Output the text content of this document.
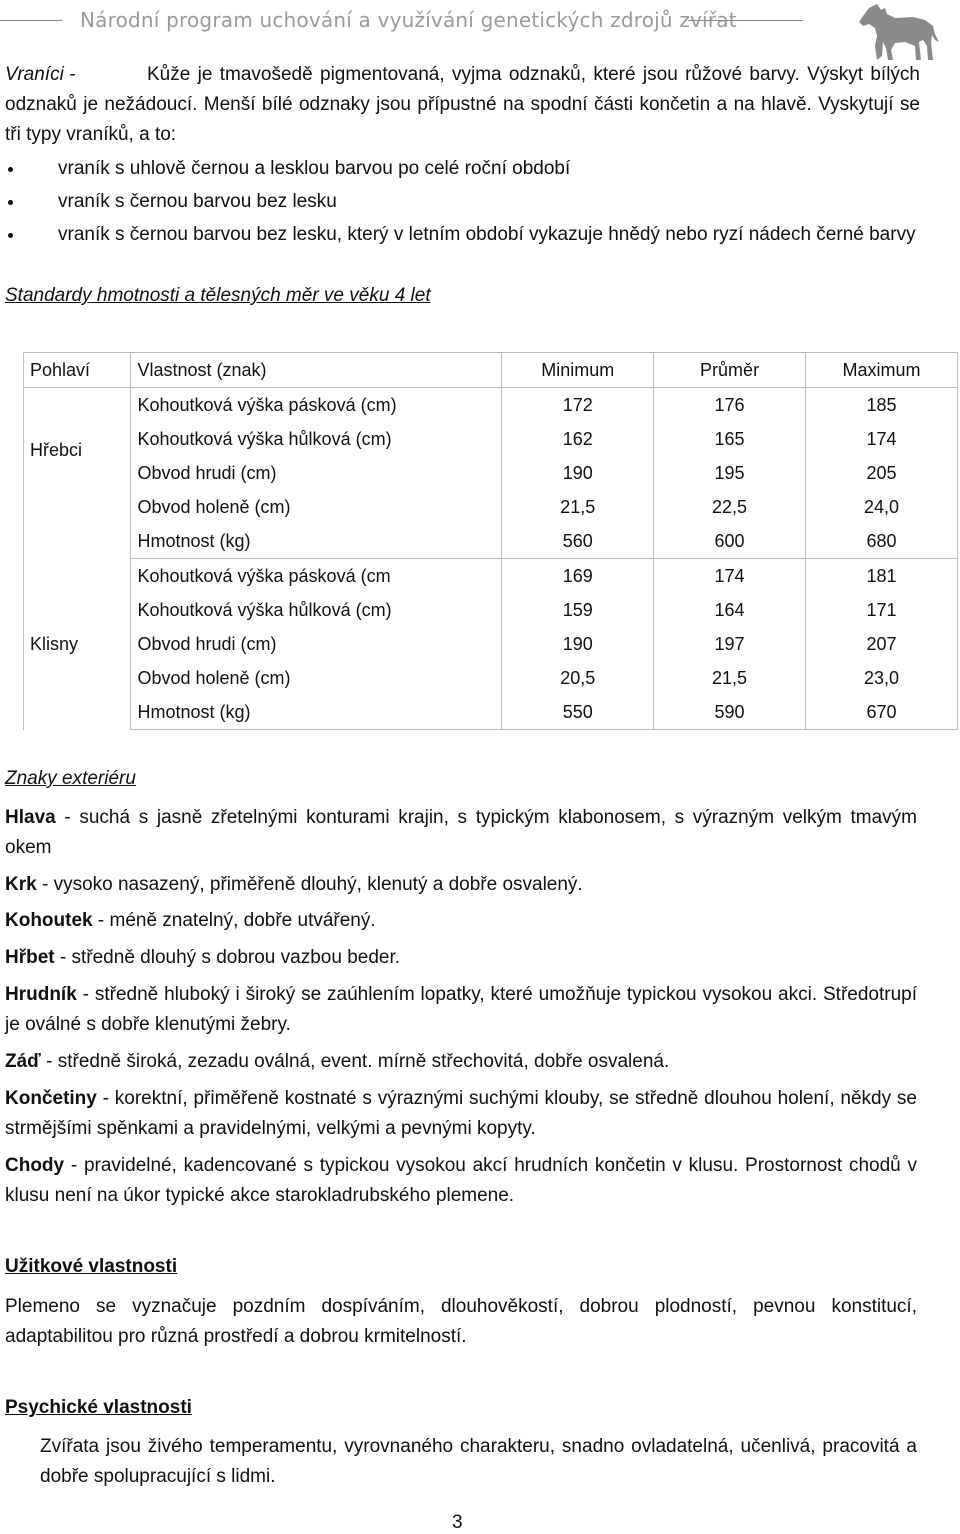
Národní program uchování a využívání genetických zdrojů zvířat
Vraníci -	Kůže je tmavošedě pigmentovaná, vyjma odznaků, které jsou růžové barvy. Výskyt bílých odznaků je nežádoucí. Menší bílé odznaky jsou přípustné na spodní části končetin a na hlavě. Vyskytují se tři typy vraníků, a to:
vraník s uhlově černou a lesklou barvou po celé roční období
vraník s černou barvou bez lesku
vraník s černou barvou bez lesku, který v letním období vykazuje hnědý nebo ryzí nádech černé barvy
Standardy hmotnosti a tělesných měr ve věku 4 let
Pohlaví	Vlastnost (znak)	Minimum	Průměr	Maximum
Hřebci	Kohoutková výška pásková (cm)	172	176	185
	Kohoutková výška hůlková (cm)	162	165	174
	Obvod hrudi (cm)	190	195	205
	Obvod holeně (cm)	21,5	22,5	24,0
	Hmotnost (kg)	560	600	680
Klisny	Kohoutková výška pásková (cm	169	174	181
	Kohoutková výška hůlková (cm)	159	164	171
	Obvod hrudi (cm)	190	197	207
	Obvod holeně (cm)	20,5	21,5	23,0
	Hmotnost (kg)	550	590	670
Znaky exteriéru
Hlava - suchá s jasně zřetelnými konturami krajin, s typickým klabonosem, s výrazným velkým tmavým okem
Krk - vysoko nasazený, přiměřeně dlouhý, klenutý a dobře osvalený.
Kohoutek - méně znatelný, dobře utvářený.
Hřbet - středně dlouhý s dobrou vazbou beder.
Hrudník - středně hluboký i široký se zaúhlením lopatky, které umožňuje typickou vysokou akci. Středotrupí je oválné s dobře klenutými žebry.
Záď - středně široká, zezadu oválná, event. mírně střechovitá, dobře osvalená.
Končetiny - korektní, přiměřeně kostnaté s výraznými suchými klouby, se středně dlouhou holení, někdy se strmějšími spěnkami a pravidelnými, velkými a pevnými kopyty.
Chody - pravidelné, kadencované s typickou vysokou akcí hrudních končetin v klusu. Prostornost chodů v klusu není na úkor typické akce starokladrubského plemene.
Užitkové vlastnosti
Plemeno se vyznačuje pozdním dospíváním, dlouhověkostí, dobrou plodností, pevnou konstitucí, adaptabilitou pro různá prostředí a dobrou krmitelností.
Psychické vlastnosti
Zvířata jsou živého temperamentu, vyrovnaného charakteru, snadno ovladatelná, učenlivá, pracovitá a dobře spolupracující s lidmi.
3
